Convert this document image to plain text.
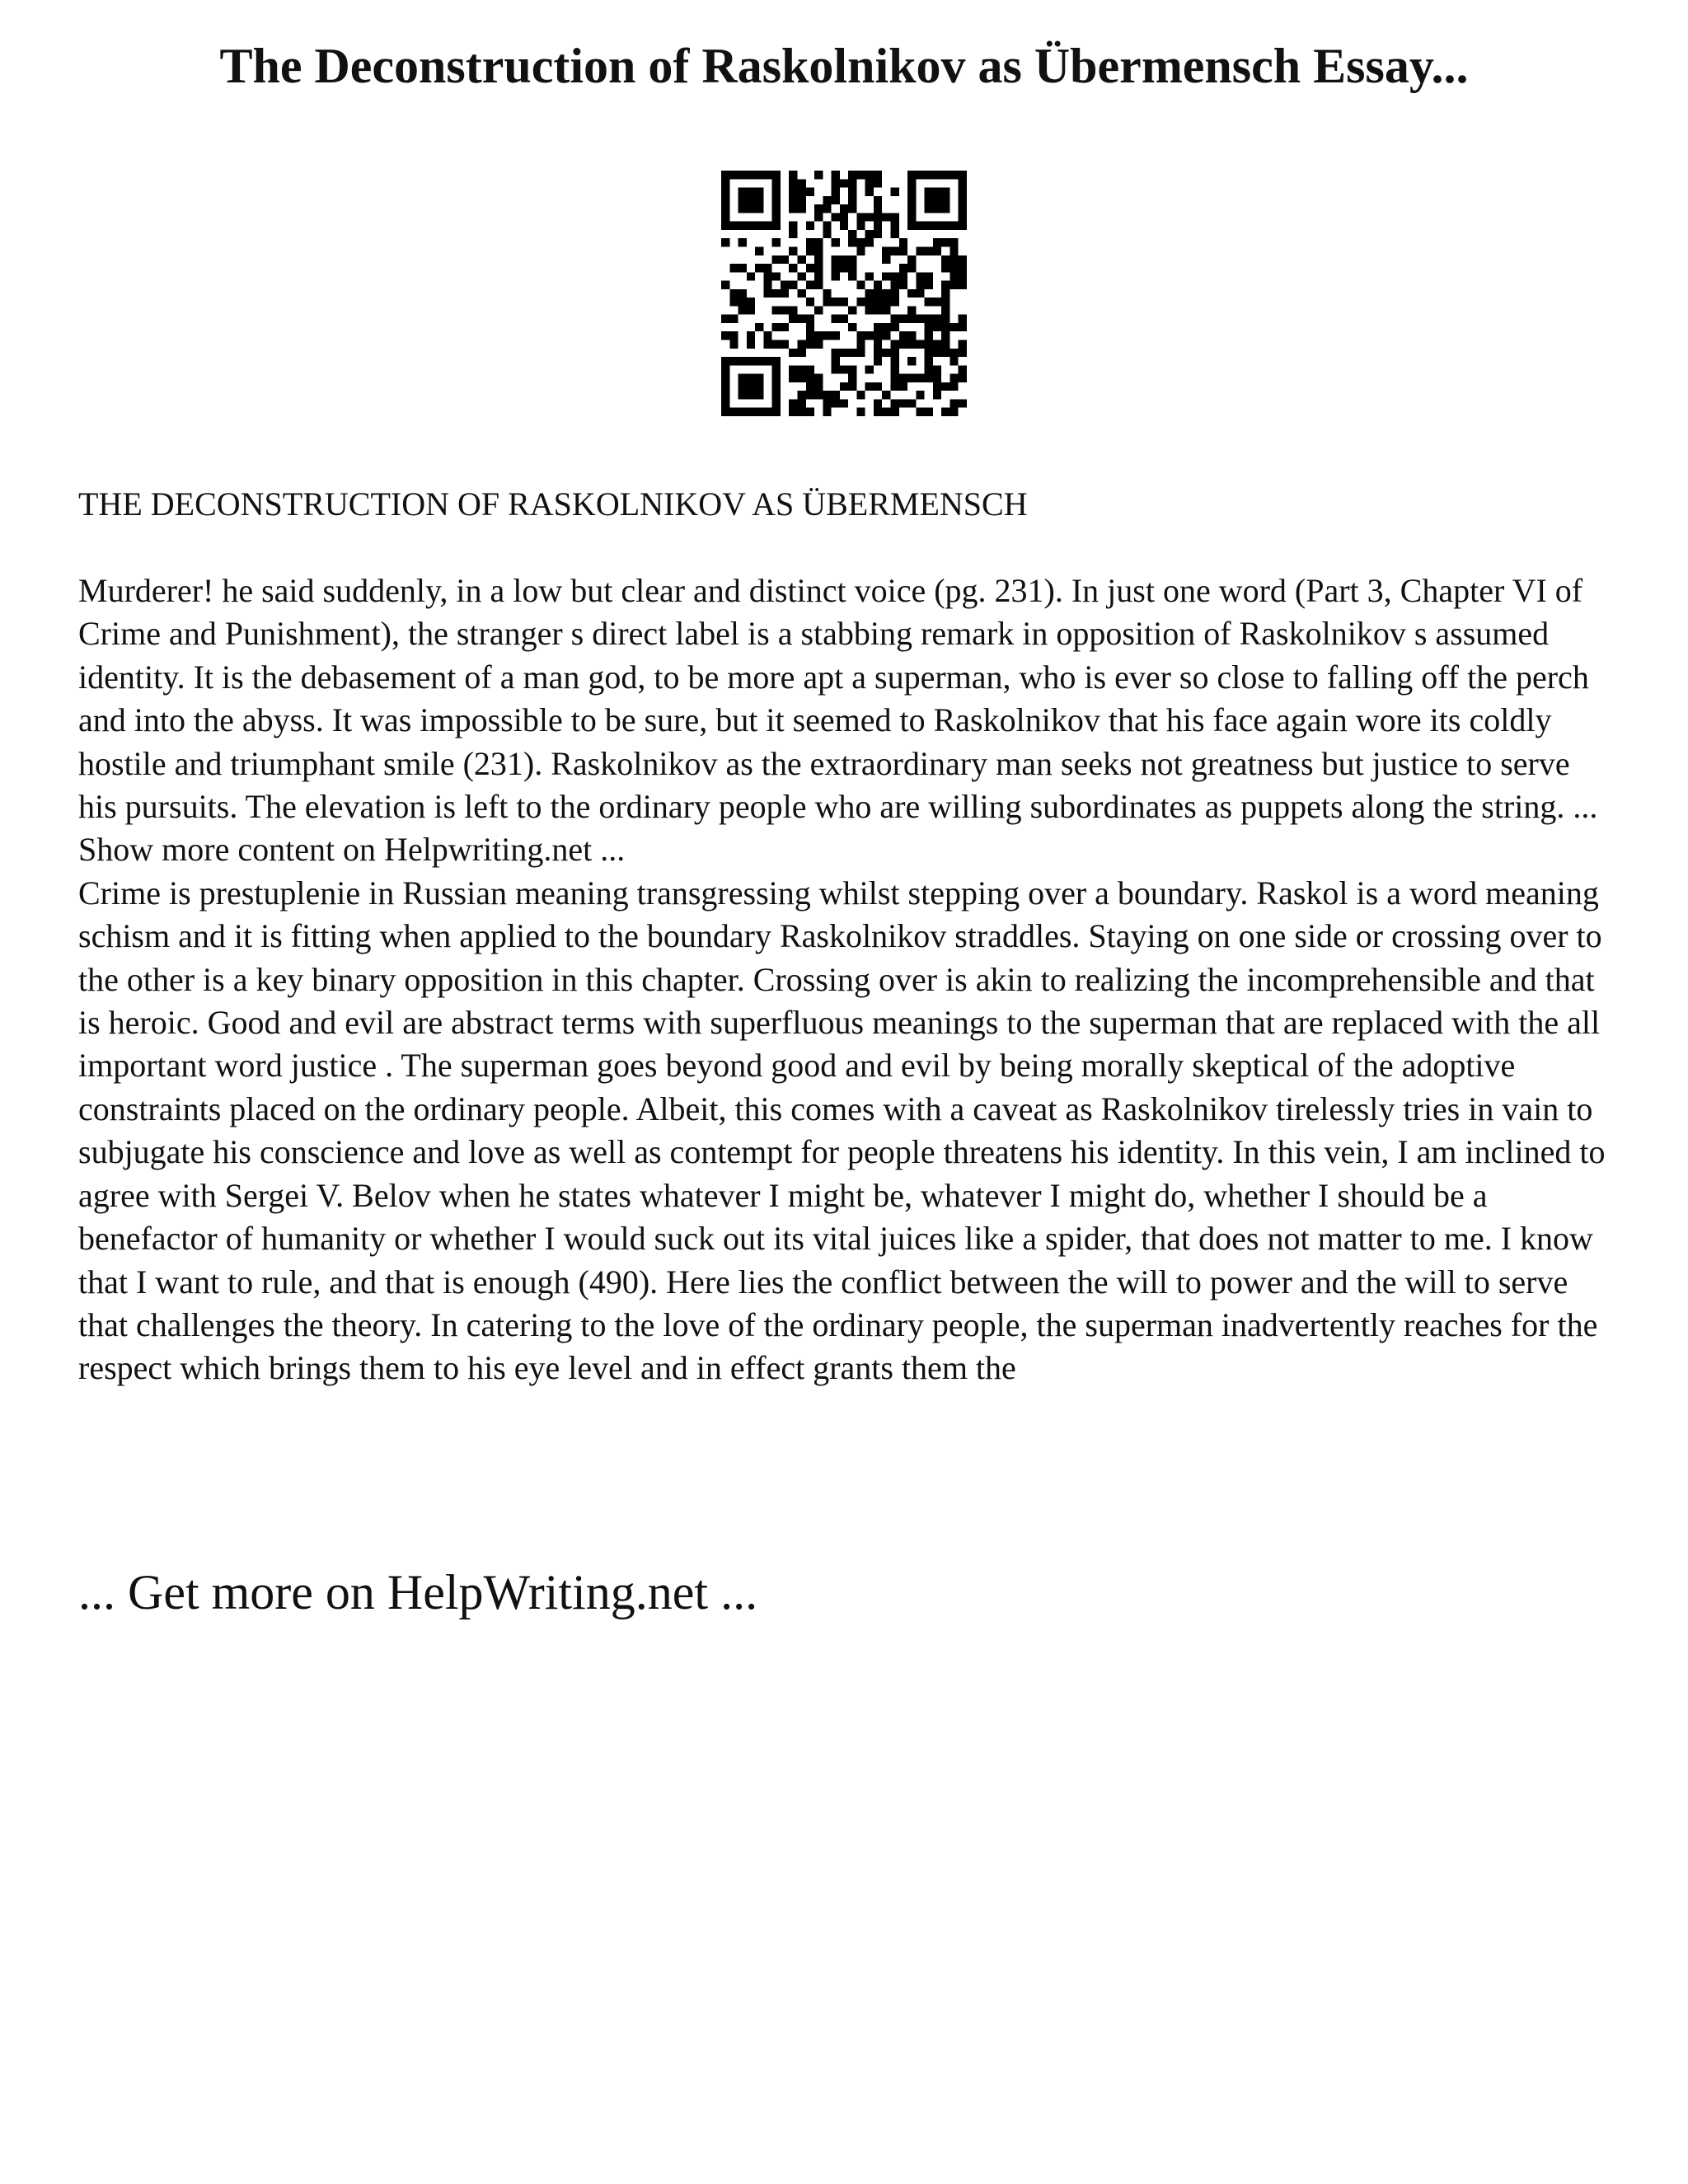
The Deconstruction of Raskolnikov as Übermensch Essay...
THE DECONSTRUCTION OF RASKOLNIKOV AS ÜBERMENSCH

Murderer! he said suddenly, in a low but clear and distinct voice (pg. 231). In just one word (Part 3, Chapter VI of Crime and Punishment), the stranger s direct label is a stabbing remark in opposition of Raskolnikov s assumed identity. It is the debasement of a man god, to be more apt a superman, who is ever so close to falling off the perch and into the abyss. It was impossible to be sure, but it seemed to Raskolnikov that his face again wore its coldly hostile and triumphant smile (231). Raskolnikov as the extraordinary man seeks not greatness but justice to serve his pursuits. The elevation is left to the ordinary people who are willing subordinates as puppets along the string. ... Show more content on Helpwriting.net ...

Crime is prestuplenie in Russian meaning transgressing whilst stepping over a boundary. Raskol is a word meaning schism and it is fitting when applied to the boundary Raskolnikov straddles. Staying on one side or crossing over to the other is a key binary opposition in this chapter. Crossing over is akin to realizing the incomprehensible and that is heroic. Good and evil are abstract terms with superfluous meanings to the superman that are replaced with the all important word justice . The superman goes beyond good and evil by being morally skeptical of the adoptive constraints placed on the ordinary people. Albeit, this comes with a caveat as Raskolnikov tirelessly tries in vain to subjugate his conscience and love as well as contempt for people threatens his identity. In this vein, I am inclined to agree with Sergei V. Belov when he states whatever I might be, whatever I might do, whether I should be a benefactor of humanity or whether I would suck out its vital juices like a spider, that does not matter to me. I know that I want to rule, and that is enough (490). Here lies the conflict between the will to power and the will to serve that challenges the theory. In catering to the love of the ordinary people, the superman inadvertently reaches for the respect which brings them to his eye level and in effect grants them the

... Get more on HelpWriting.net ...
